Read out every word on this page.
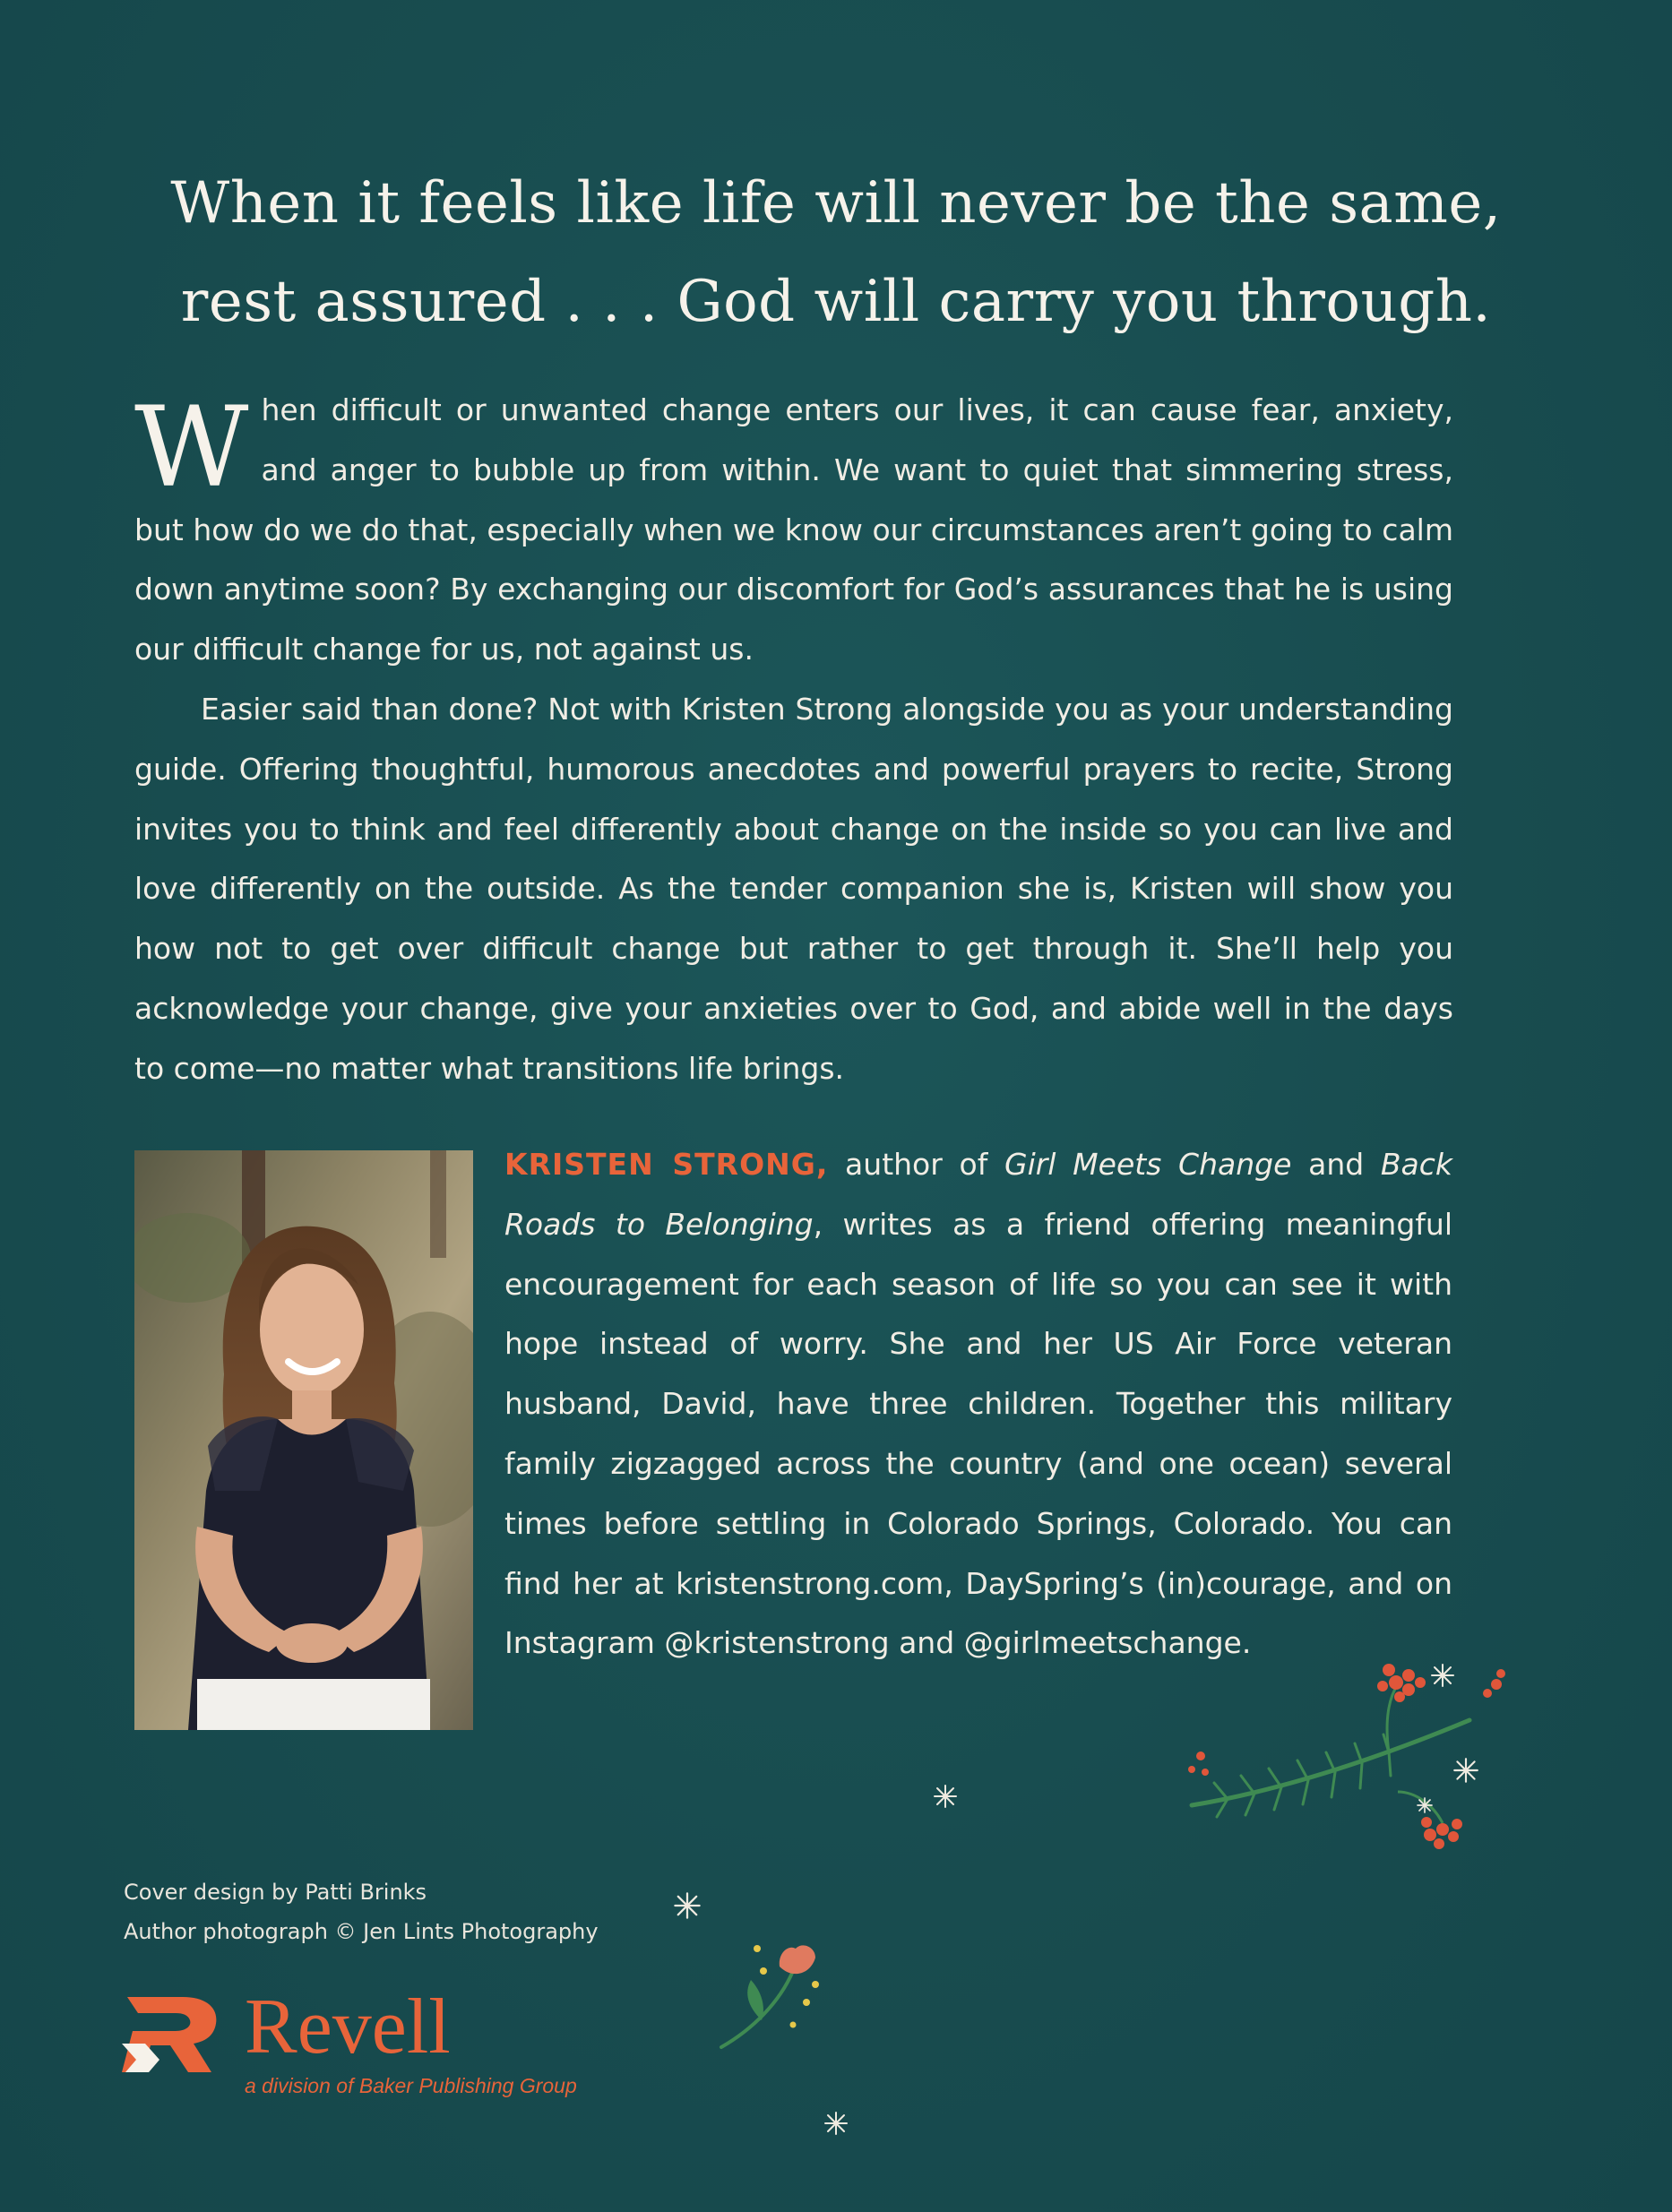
When it feels like life will never be the same,
rest assured . . . God will carry you through.

When difficult or unwanted change enters our lives, it can cause fear, anxiety, and anger to bubble up from within. We want to quiet that simmering stress, but how do we do that, especially when we know our circumstances aren’t going to calm down anytime soon? By exchanging our discomfort for God’s assurances that he is using our difficult change for us, not against us.

Easier said than done? Not with Kristen Strong alongside you as your understanding guide. Offering thoughtful, humorous anecdotes and powerful prayers to recite, Strong invites you to think and feel differently about change on the inside so you can live and love differently on the outside. As the tender companion she is, Kristen will show you how not to get over difficult change but rather to get through it. She’ll help you acknowledge your change, give your anxieties over to God, and abide well in the days to come—no matter what transitions life brings.

KRISTEN STRONG, author of Girl Meets Change and Back Roads to Belonging, writes as a friend offering meaningful encouragement for each season of life so you can see it with hope instead of worry. She and her US Air Force veteran husband, David, have three children. Together this military family zigzagged across the country (and one ocean) several times before settling in Colorado Springs, Colorado. You can find her at kristenstrong.com, DaySpring’s (in)courage, and on Instagram @kristenstrong and @girlmeetschange.

Cover design by Patti Brinks
Author photograph © Jen Lints Photography
Revell
a division of Baker Publishing Group
